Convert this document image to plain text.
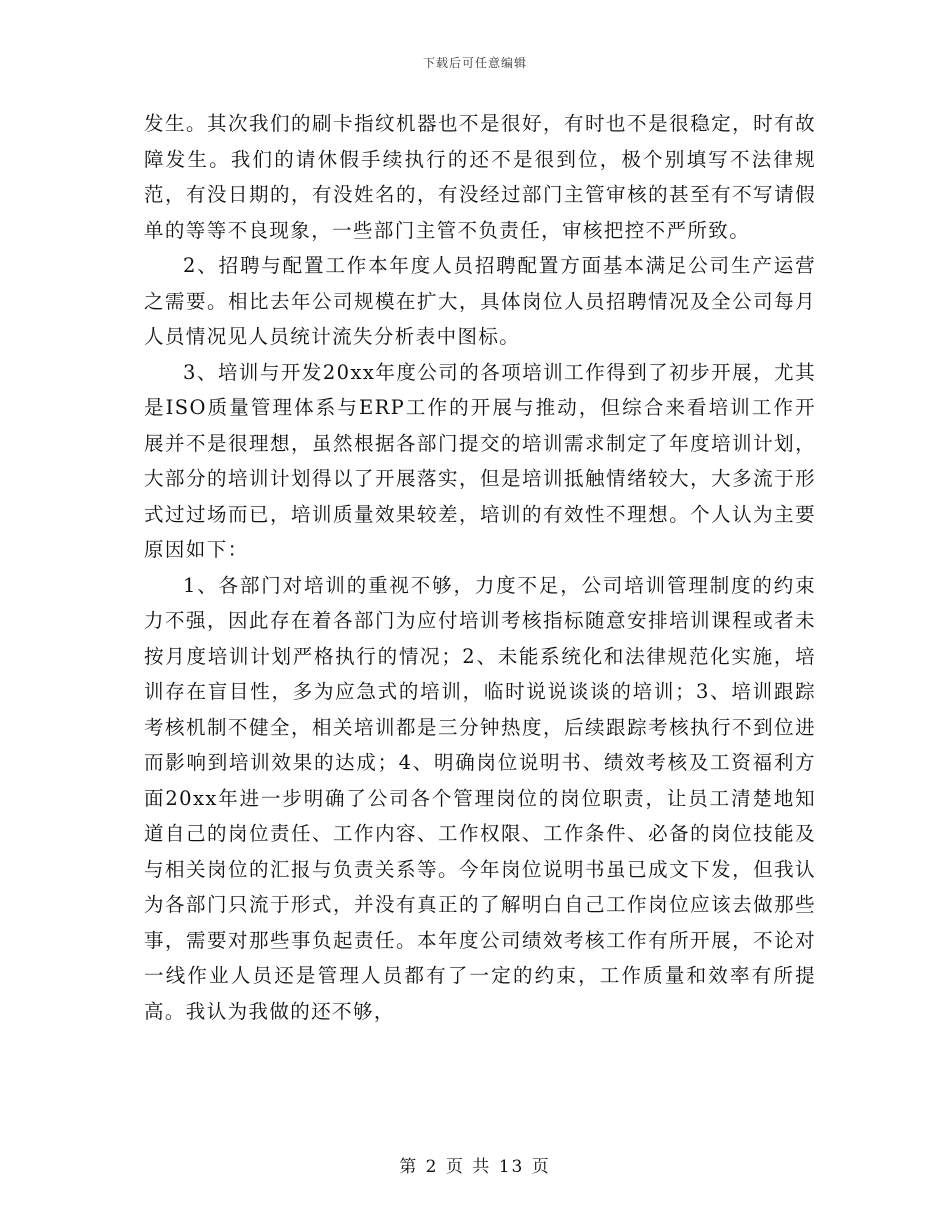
下载后可任意编辑

发生。其次我们的刷卡指纹机器也不是很好，有时也不是很稳定，时有故障发生。我们的请休假手续执行的还不是很到位，极个别填写不法律规范，有没日期的，有没姓名的，有没经过部门主管审核的甚至有不写请假单的等等不良现象，一些部门主管不负责任，审核把控不严所致。

2、招聘与配置工作本年度人员招聘配置方面基本满足公司生产运营之需要。相比去年公司规模在扩大，具体岗位人员招聘情况及全公司每月人员情况见人员统计流失分析表中图标。

3、培训与开发20xx年度公司的各项培训工作得到了初步开展，尤其是ISO质量管理体系与ERP工作的开展与推动，但综合来看培训工作开展并不是很理想，虽然根据各部门提交的培训需求制定了年度培训计划，大部分的培训计划得以了开展落实，但是培训抵触情绪较大，大多流于形式过过场而已，培训质量效果较差，培训的有效性不理想。个人认为主要原因如下：

1、各部门对培训的重视不够，力度不足，公司培训管理制度的约束力不强，因此存在着各部门为应付培训考核指标随意安排培训课程或者未按月度培训计划严格执行的情况；2、未能系统化和法律规范化实施，培训存在盲目性，多为应急式的培训，临时说说谈谈的培训；3、培训跟踪考核机制不健全，相关培训都是三分钟热度，后续跟踪考核执行不到位进而影响到培训效果的达成；4、明确岗位说明书、绩效考核及工资福利方面20xx年进一步明确了公司各个管理岗位的岗位职责，让员工清楚地知道自己的岗位责任、工作内容、工作权限、工作条件、必备的岗位技能及与相关岗位的汇报与负责关系等。今年岗位说明书虽已成文下发，但我认为各部门只流于形式，并没有真正的了解明白自己工作岗位应该去做那些事，需要对那些事负起责任。本年度公司绩效考核工作有所开展，不论对一线作业人员还是管理人员都有了一定的约束，工作质量和效率有所提高。我认为我做的还不够，

第 2 页 共 13 页
